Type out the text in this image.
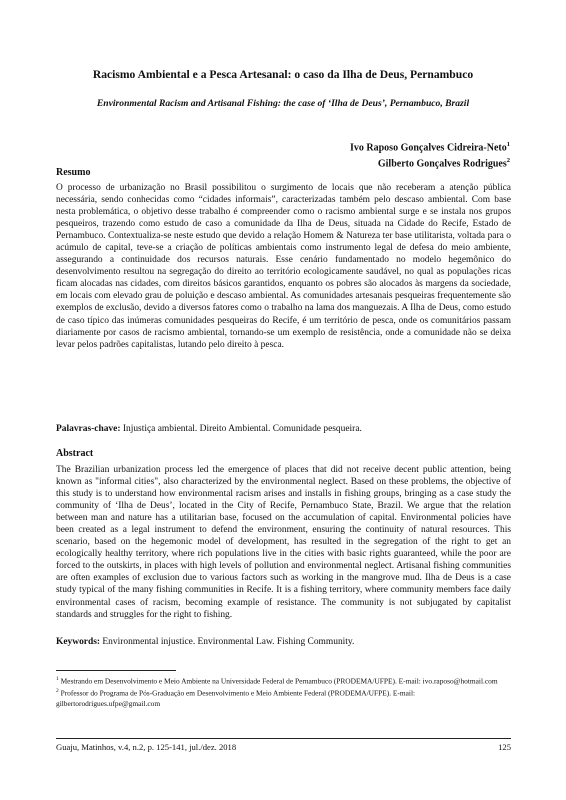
Racismo Ambiental e a Pesca Artesanal: o caso da Ilha de Deus, Pernambuco
Environmental Racism and Artisanal Fishing: the case of ‘Ilha de Deus’, Pernambuco, Brazil
Ivo Raposo Gonçalves Cidreira-Neto$^1$
Gilberto Gonçalves Rodrigues$^2$
Resumo
O processo de urbanização no Brasil possibilitou o surgimento de locais que não receberam a atenção pública necessária, sendo conhecidas como “cidades informais”, caracterizadas também pelo descaso ambiental. Com base nesta problemática, o objetivo desse trabalho é compreender como o racismo ambiental surge e se instala nos grupos pesqueiros, trazendo como estudo de caso a comunidade da Ilha de Deus, situada na Cidade do Recife, Estado de Pernambuco. Contextualiza-se neste estudo que devido a relação Homem & Natureza ter base utilitarista, voltada para o acúmulo de capital, teve-se a criação de políticas ambientais como instrumento legal de defesa do meio ambiente, assegurando a continuidade dos recursos naturais. Esse cenário fundamentado no modelo hegemônico do desenvolvimento resultou na segregação do direito ao território ecologicamente saudável, no qual as populações ricas ficam alocadas nas cidades, com direitos básicos garantidos, enquanto os pobres são alocados às margens da sociedade, em locais com elevado grau de poluição e descaso ambiental. As comunidades artesanais pesqueiras frequentemente são exemplos de exclusão, devido a diversos fatores como o trabalho na lama dos manguezais. A Ilha de Deus, como estudo de caso típico das inúmeras comunidades pesqueiras do Recife, é um território de pesca, onde os comunitários passam diariamente por casos de racismo ambiental, tornando-se um exemplo de resistência, onde a comunidade não se deixa levar pelos padrões capitalistas, lutando pelo direito à pesca.
Palavras-chave: Injustiça ambiental. Direito Ambiental. Comunidade pesqueira.
Abstract
The Brazilian urbanization process led the emergence of places that did not receive decent public attention, being known as "informal cities", also characterized by the environmental neglect. Based on these problems, the objective of this study is to understand how environmental racism arises and installs in fishing groups, bringing as a case study the community of ‘Ilha de Deus’, located in the City of Recife, Pernambuco State, Brazil. We argue that the relation between man and nature has a utilitarian base, focused on the accumulation of capital. Environmental policies have been created as a legal instrument to defend the environment, ensuring the continuity of natural resources. This scenario, based on the hegemonic model of development, has resulted in the segregation of the right to get an ecologically healthy territory, where rich populations live in the cities with basic rights guaranteed, while the poor are forced to the outskirts, in places with high levels of pollution and environmental neglect. Artisanal fishing communities are often examples of exclusion due to various factors such as working in the mangrove mud. Ilha de Deus is a case study typical of the many fishing communities in Recife. It is a fishing territory, where community members face daily environmental cases of racism, becoming example of resistance. The community is not subjugated by capitalist standards and struggles for the right to fishing.
Keywords: Environmental injustice. Environmental Law. Fishing Community.
$^1$ Mestrando em Desenvolvimento e Meio Ambiente na Universidade Federal de Pernambuco (PRODEMA/UFPE). E-mail: ivo.raposo@hotmail.com
$^2$ Professor do Programa de Pós-Graduação em Desenvolvimento e Meio Ambiente Federal (PRODEMA/UFPE). E-mail: gilbertorodrigues.ufpe@gmail.com
Guaju, Matinhos, v.4, n.2, p. 125-141, jul./dez. 2018	125
